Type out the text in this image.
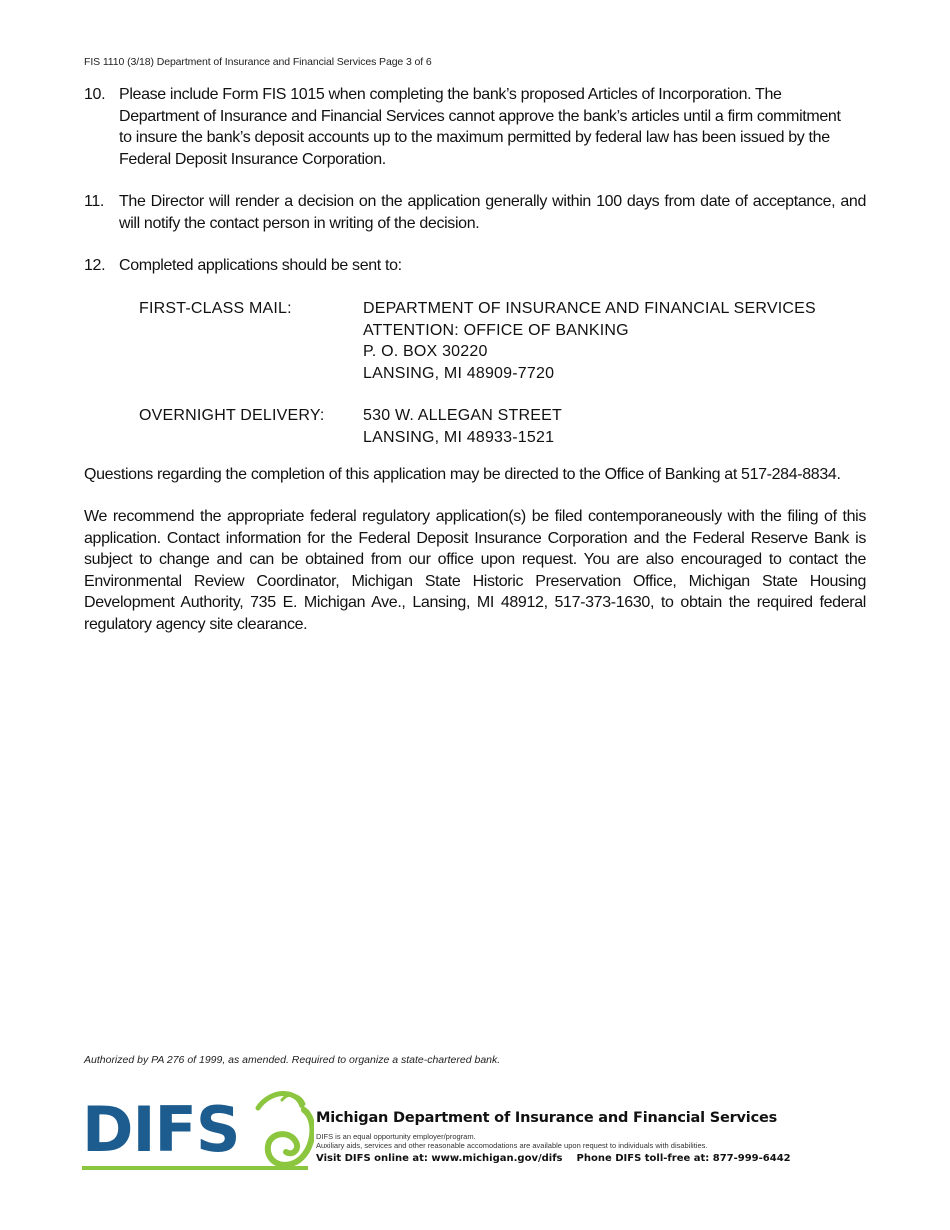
FIS 1110 (3/18) Department of Insurance and Financial Services Page 3 of 6
10. Please include Form FIS 1015 when completing the bank’s proposed Articles of Incorporation. The
Department of Insurance and Financial Services cannot approve the bank’s articles until a firm commitment
to insure the bank’s deposit accounts up to the maximum permitted by federal law has been issued by the
Federal Deposit Insurance Corporation.
11. The Director will render a decision on the application generally within 100 days from date of acceptance, and will notify the contact person in writing of the decision.
12. Completed applications should be sent to:
FIRST-CLASS MAIL:	DEPARTMENT OF INSURANCE AND FINANCIAL SERVICES
ATTENTION: OFFICE OF BANKING
P. O. BOX 30220
LANSING, MI 48909-7720
OVERNIGHT DELIVERY: 530 W. ALLEGAN STREET
LANSING, MI 48933-1521
Questions regarding the completion of this application may be directed to the Office of Banking at 517-284-8834.
We recommend the appropriate federal regulatory application(s) be filed contemporaneously with the filing of this application. Contact information for the Federal Deposit Insurance Corporation and the Federal Reserve Bank is subject to change and can be obtained from our office upon request. You are also encouraged to contact the Environmental Review Coordinator, Michigan State Historic Preservation Office, Michigan State Housing Development Authority, 735 E. Michigan Ave., Lansing, MI 48912, 517-373-1630, to obtain the required federal regulatory agency site clearance.
Authorized by PA 276 of 1999, as amended. Required to organize a state-chartered bank.
DIFS	Michigan Department of Insurance and Financial Services
DIFS is an equal opportunity employer/program.
Auxiliary aids, services and other reasonable accomodations are available upon request to individuals with disabilities.
Visit DIFS online at: www.michigan.gov/difs Phone DIFS toll-free at: 877-999-6442
